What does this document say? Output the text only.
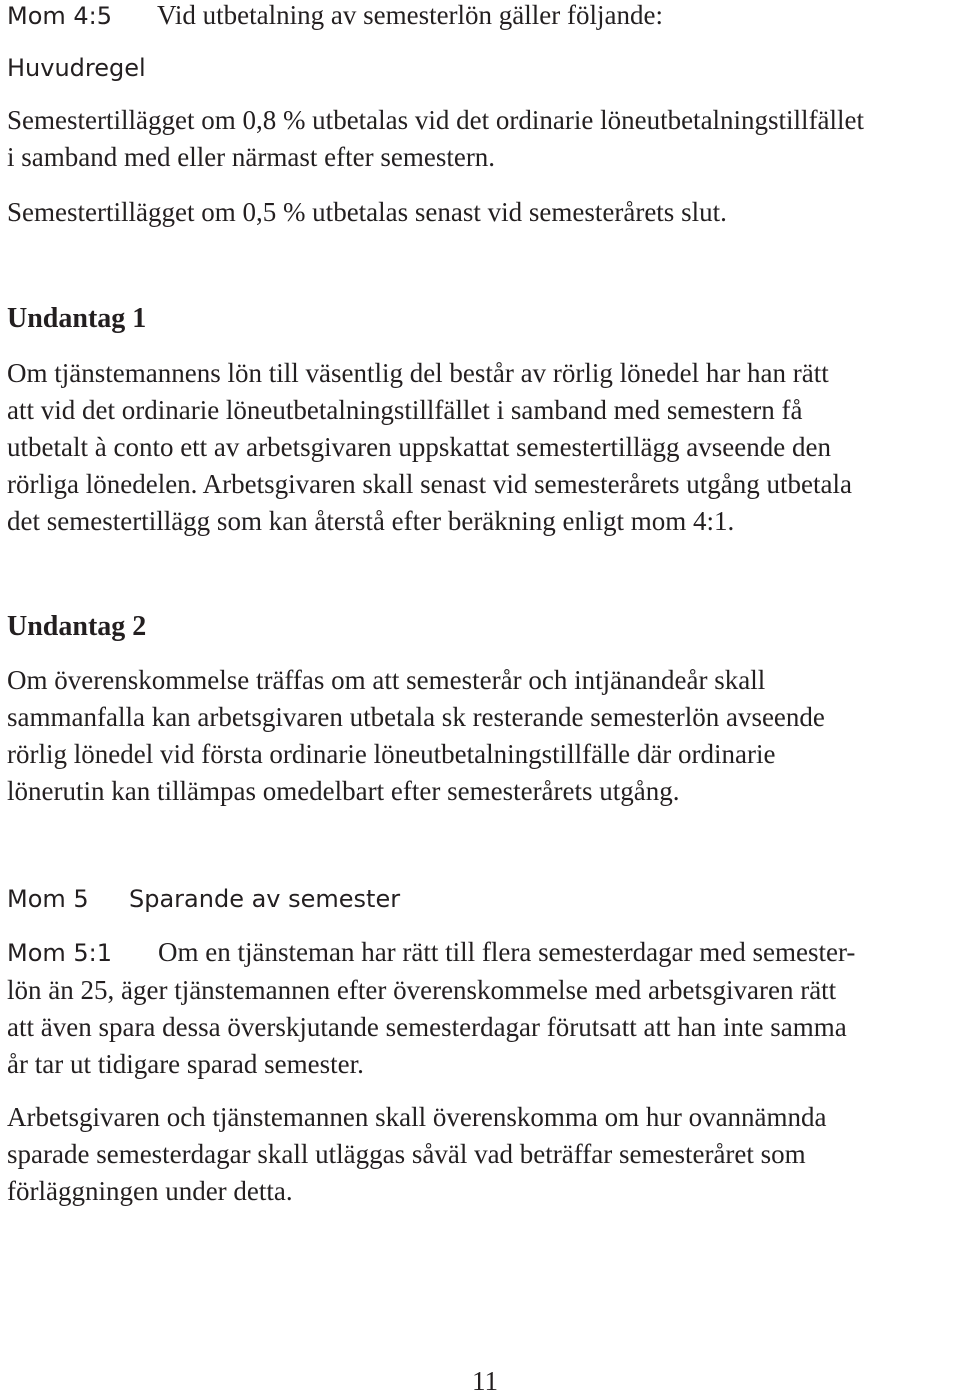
Mom 4:5 Vid utbetalning av semesterlön gäller följande:
Huvudregel
Semestertillägget om 0,8 % utbetalas vid det ordinarie löneutbetalningstillfället
i samband med eller närmast efter semestern.
Semestertillägget om 0,5 % utbetalas senast vid semesterårets slut.
Undantag 1
Om tjänstemannens lön till väsentlig del består av rörlig lönedel har han rätt
att vid det ordinarie löneutbetalningstillfället i samband med semestern få
utbetalt à conto ett av arbetsgivaren uppskattat semestertillägg avseende den
rörliga lönedelen. Arbetsgivaren skall senast vid semesterårets utgång utbetala
det semestertillägg som kan återstå efter beräkning enligt mom 4:1.
Undantag 2
Om överenskommelse träffas om att semesterår och intjänandeår skall
sammanfalla kan arbetsgivaren utbetala sk resterande semesterlön avseende
rörlig lönedel vid första ordinarie löneutbetalningstillfälle där ordinarie
lönerutin kan tillämpas omedelbart efter semesterårets utgång.
Mom 5 Sparande av semester
Mom 5:1 Om en tjänsteman har rätt till flera semesterdagar med semester-
lön än 25, äger tjänstemannen efter överenskommelse med arbetsgivaren rätt
att även spara dessa överskjutande semesterdagar förutsatt att han inte samma
år tar ut tidigare sparad semester.
Arbetsgivaren och tjänstemannen skall överenskomma om hur ovannämnda
sparade semesterdagar skall utläggas såväl vad beträffar semesteråret som
förläggningen under detta.
11
